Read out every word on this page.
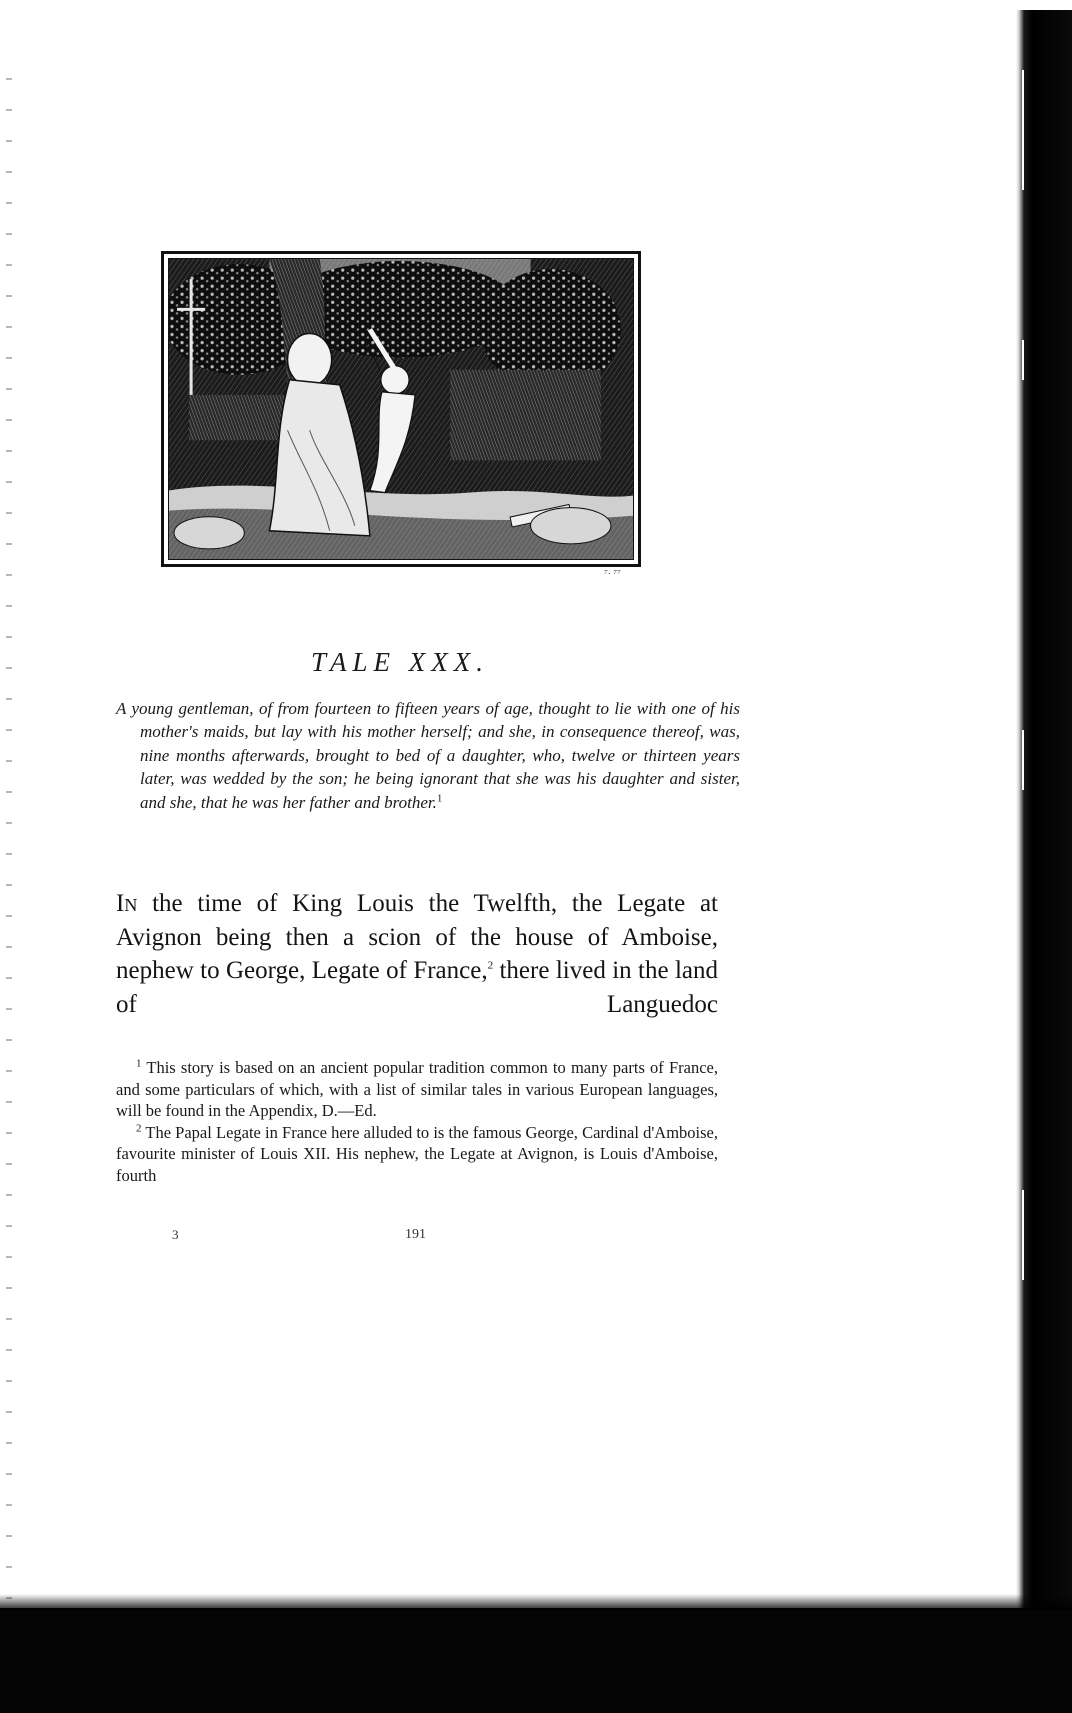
⁷· ⁷⁷
TALE XXX.
A young gentleman, of from fourteen to fifteen years of age, thought to lie with one of his mother's maids, but lay with his mother herself; and she, in consequence thereof, was, nine months afterwards, brought to bed of a daughter, who, twelve or thirteen years later, was wedded by the son; he being ignorant that she was his daughter and sister, and she, that he was her father and brother.$^1$
In the time of King Louis the Twelfth, the Legate at Avignon being then a scion of the house of Amboise, nephew to George, Legate of France,$^2$ there lived in the land of Languedoc

$^1$ This story is based on an ancient popular tradition common to many parts of France, and some particulars of which, with a list of similar tales in various European languages, will be found in the Appendix, D.—Ed.

$^2$ The Papal Legate in France here alluded to is the famous George, Cardinal d'Amboise, favourite minister of Louis XII. His nephew, the Legate at Avignon, is Louis d'Amboise, fourth

3	191
